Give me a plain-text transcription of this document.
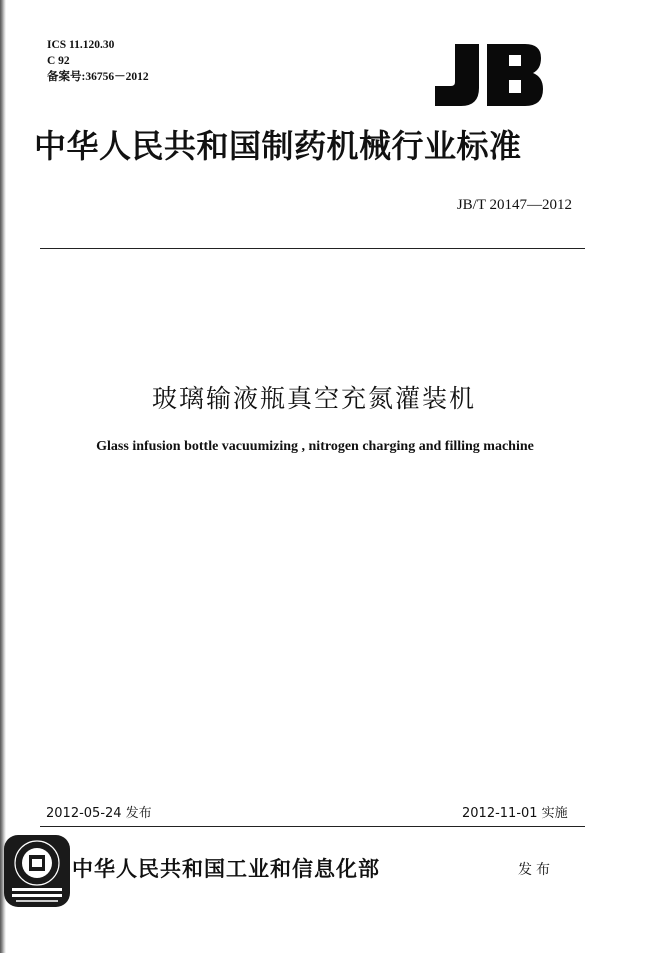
ICS 11.120.30
C 92
备案号:36756－2012
中华人民共和国制药机械行业标准
JB/T 20147—2012
玻璃输液瓶真空充氮灌装机
Glass infusion bottle vacuumizing , nitrogen charging and filling machine
2012-05-24 发布	2012-11-01 实施
中华人民共和国工业和信息化部	发布
